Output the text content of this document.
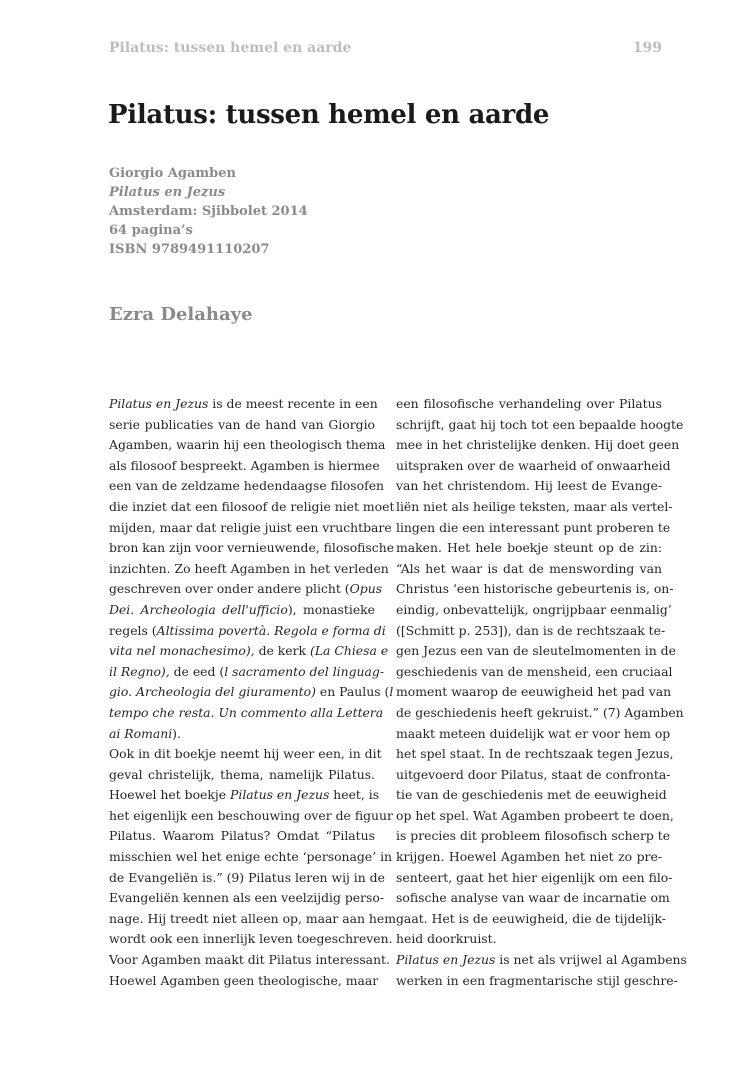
Pilatus: tussen hemel en aarde	199
Pilatus: tussen hemel en aarde
Giorgio Agamben
Pilatus en Jezus
Amsterdam: Sjibbolet 2014
64 pagina’s
ISBN 9789491110207
Ezra Delahaye
Pilatus en Jezus is de meest recente in een
serie publicaties van de hand van Giorgio
Agamben, waarin hij een theologisch thema
als filosoof bespreekt. Agamben is hiermee
een van de zeldzame hedendaagse filosofen
die inziet dat een filosoof de religie niet moet
mijden, maar dat religie juist een vruchtbare
bron kan zijn voor vernieuwende, filosofische
inzichten. Zo heeft Agamben in het verleden
geschreven over onder andere plicht (Opus
Dei. Archeologia dell'ufficio), monastieke
regels (Altissima povertà. Regola e forma di
vita nel monachesimo), de kerk (La Chiesa e
il Regno), de eed (l sacramento del linguag-
gio. Archeologia del giuramento) en Paulus (l
tempo che resta. Un commento alla Lettera
ai Romani).
Ook in dit boekje neemt hij weer een, in dit
geval christelijk, thema, namelijk Pilatus.
Hoewel het boekje Pilatus en Jezus heet, is
het eigenlijk een beschouwing over de figuur
Pilatus. Waarom Pilatus? Omdat “Pilatus
misschien wel het enige echte ‘personage’ in
de Evangeliën is.” (9) Pilatus leren wij in de
Evangeliën kennen als een veelzijdig perso-
nage. Hij treedt niet alleen op, maar aan hem
wordt ook een innerlijk leven toegeschreven.
Voor Agamben maakt dit Pilatus interessant.
Hoewel Agamben geen theologische, maar
een filosofische verhandeling over Pilatus
schrijft, gaat hij toch tot een bepaalde hoogte
mee in het christelijke denken. Hij doet geen
uitspraken over de waarheid of onwaarheid
van het christendom. Hij leest de Evange-
liën niet als heilige teksten, maar als vertel-
lingen die een interessant punt proberen te
maken. Het hele boekje steunt op de zin:
“Als het waar is dat de menswording van
Christus ‘een historische gebeurtenis is, on-
eindig, onbevattelijk, ongrijpbaar eenmalig’
([Schmitt p. 253]), dan is de rechtszaak te-
gen Jezus een van de sleutelmomenten in de
geschiedenis van de mensheid, een cruciaal
moment waarop de eeuwigheid het pad van
de geschiedenis heeft gekruist.” (7) Agamben
maakt meteen duidelijk wat er voor hem op
het spel staat. In de rechtszaak tegen Jezus,
uitgevoerd door Pilatus, staat de confronta-
tie van de geschiedenis met de eeuwigheid
op het spel. Wat Agamben probeert te doen,
is precies dit probleem filosofisch scherp te
krijgen. Hoewel Agamben het niet zo pre-
senteert, gaat het hier eigenlijk om een filo-
sofische analyse van waar de incarnatie om
gaat. Het is de eeuwigheid, die de tijdelijk-
heid doorkruist.
Pilatus en Jezus is net als vrijwel al Agambens
werken in een fragmentarische stijl geschre-
